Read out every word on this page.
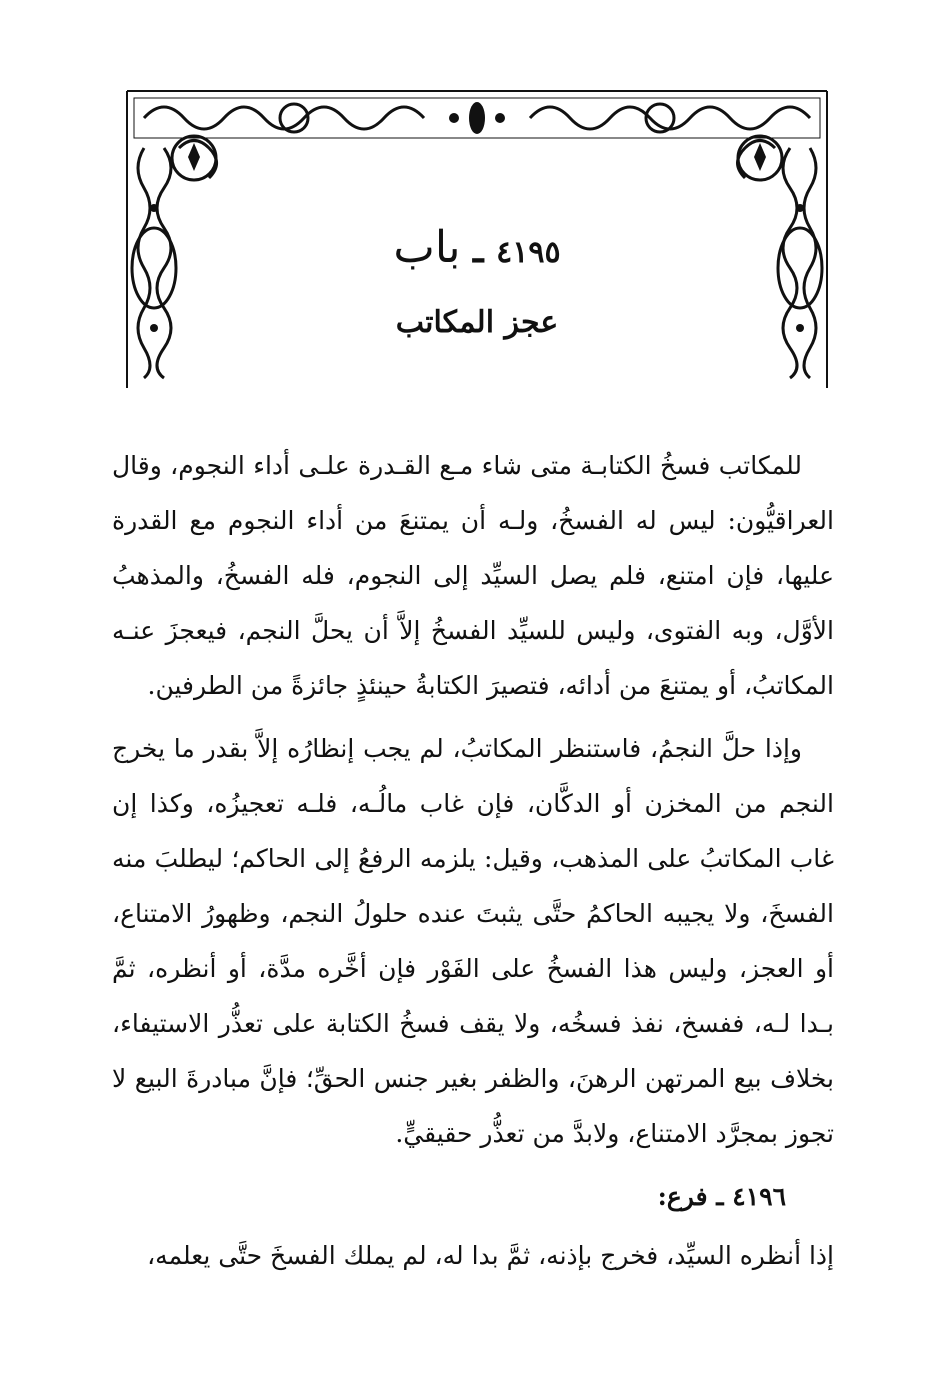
٤١٩٥ ـ باب
عجز المكاتب

للمكاتب فسخُ الكتابـة متى شاء مـع القـدرة علـى أداء النجوم، وقال العراقيُّون: ليس له الفسخُ، ولـه أن يمتنعَ من أداء النجوم مع القدرة عليها، فإن امتنع، فلم يصل السيِّد إلى النجوم، فله الفسخُ، والمذهبُ الأوَّل، وبه الفتوى، وليس للسيِّد الفسخُ إلاَّ أن يحلَّ النجم، فيعجزَ عنـه المكاتبُ، أو يمتنعَ من أدائه، فتصيرَ الكتابةُ حينئذٍ جائزةً من الطرفين.

وإذا حلَّ النجمُ، فاستنظر المكاتبُ، لم يجب إنظارُه إلاَّ بقدر ما يخرج النجم من المخزن أو الدكَّان، فإن غاب مالُـه، فلـه تعجيزُه، وكذا إن غاب المكاتبُ على المذهب، وقيل: يلزمه الرفعُ إلى الحاكم؛ ليطلبَ منه الفسخَ، ولا يجيبه الحاكمُ حتَّى يثبتَ عنده حلولُ النجم، وظهورُ الامتناع، أو العجز، وليس هذا الفسخُ على الفَوْر فإن أخَّره مدَّة، أو أنظره، ثمَّ بـدا لـه، ففسخ، نفذ فسخُه، ولا يقف فسخُ الكتابة على تعذُّر الاستيفاء، بخلاف بيع المرتهن الرهنَ، والظفر بغير جنس الحقِّ؛ فإنَّ مبادرةَ البيع لا تجوز بمجرَّد الامتناع، ولابدَّ من تعذُّر حقيقيٍّ.

٤١٩٦ ـ فرع:

إذا أنظره السيِّد، فخرج بإذنه، ثمَّ بدا له، لم يملك الفسخَ حتَّى يعلمه،
